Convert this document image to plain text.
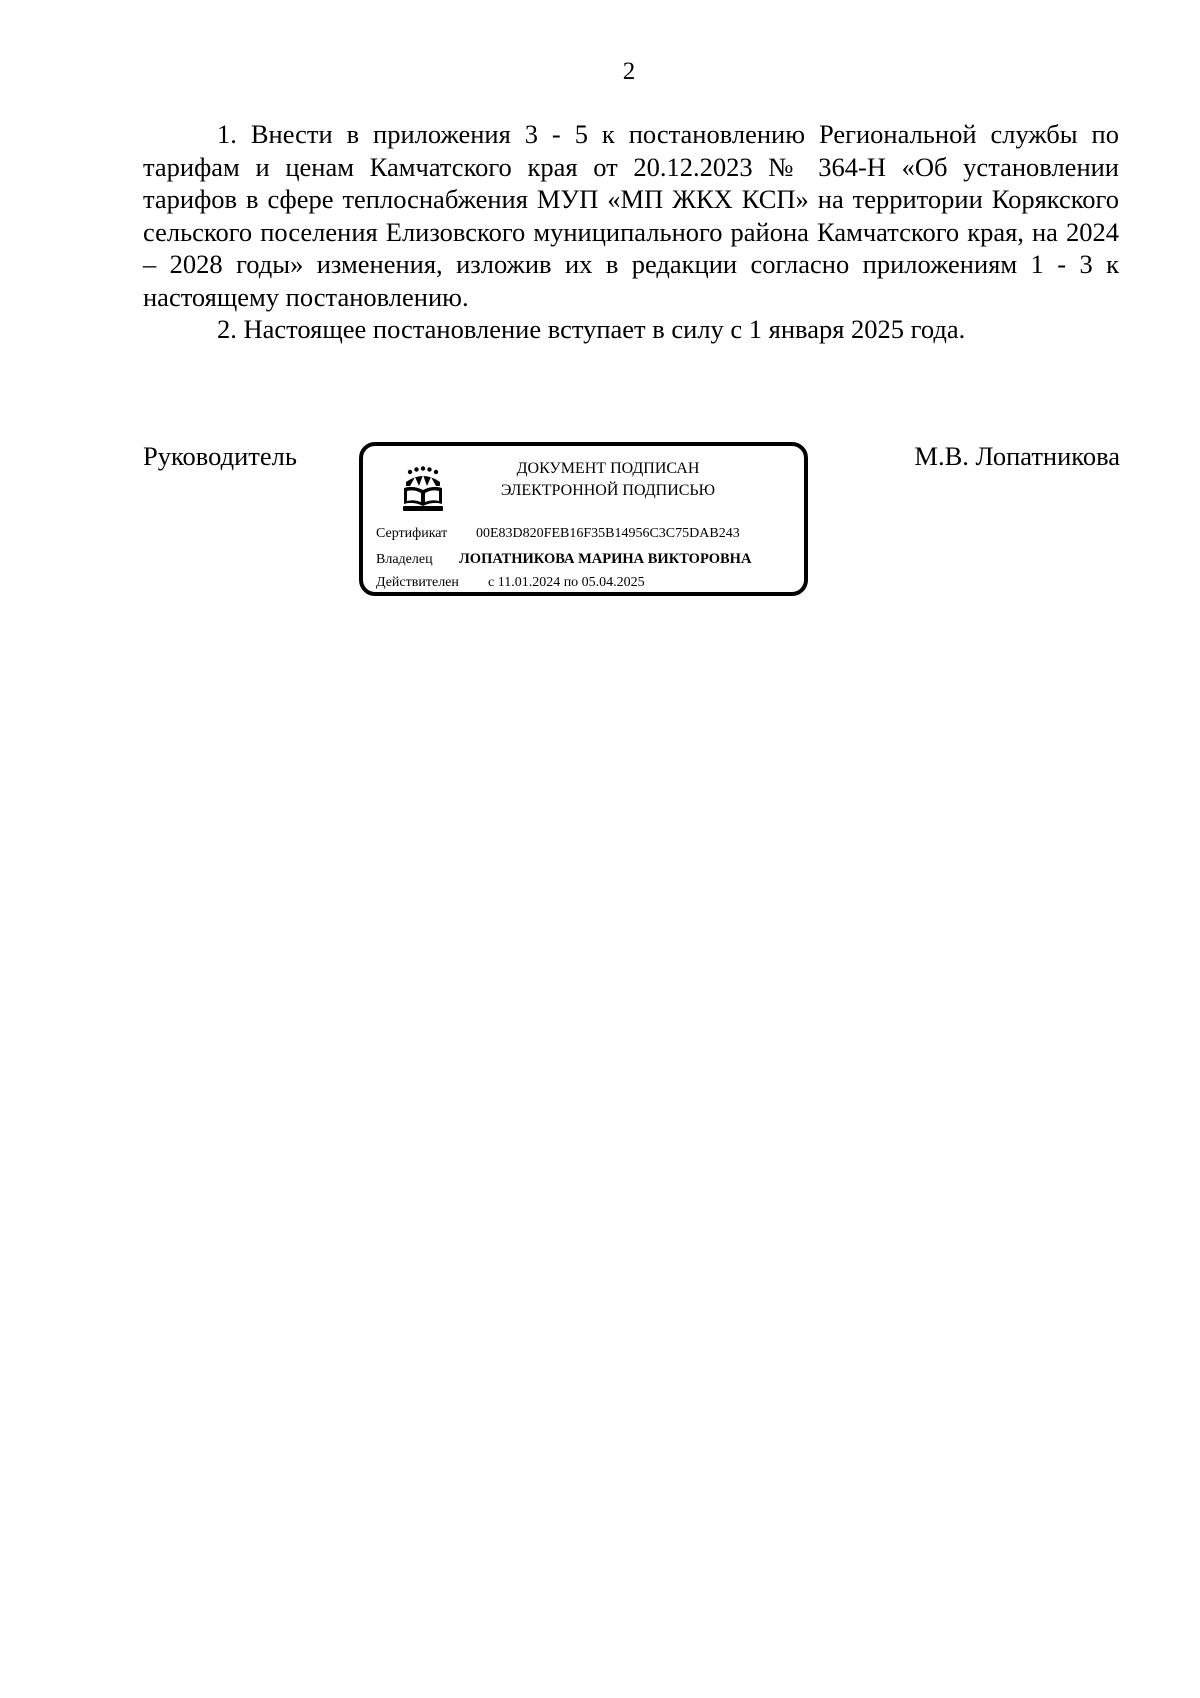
2

1. Внести в приложения 3 - 5 к постановлению Региональной службы по тарифам и ценам Камчатского края от 20.12.2023 № 364-Н «Об установлении тарифов в сфере теплоснабжения МУП «МП ЖКХ КСП» на территории Корякского сельского поселения Елизовского муниципального района Камчатского края, на 2024 – 2028 годы» изменения, изложив их в редакции согласно приложениям 1 - 3 к настоящему постановлению.

2. Настоящее постановление вступает в силу с 1 января 2025 года.

Руководитель	ДОКУМЕНТ ПОДПИСАН
ЭЛЕКТРОННОЙ ПОДПИСЬЮ
Сертификат 00E83D820FEB16F35B14956C3C75DAB243
Владелец ЛОПАТНИКОВА МАРИНА ВИКТОРОВНА
Действителен с 11.01.2024 по 05.04.2025
М.В. Лопатникова
